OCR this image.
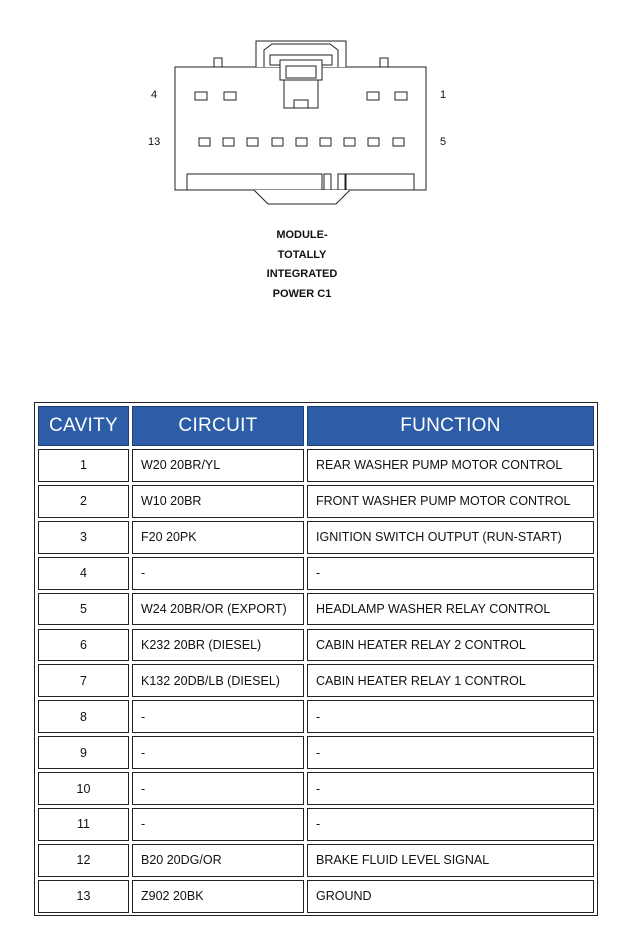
4	1
13	5
MODULE-
TOTALLY
INTEGRATED
POWER C1
CAVITY	CIRCUIT	FUNCTION
1	W20 20BR/YL	REAR WASHER PUMP MOTOR CONTROL
2	W10 20BR	FRONT WASHER PUMP MOTOR CONTROL
3	F20 20PK	IGNITION SWITCH OUTPUT (RUN-START)
4	-	-
5	W24 20BR/OR (EXPORT)	HEADLAMP WASHER RELAY CONTROL
6	K232 20BR (DIESEL)	CABIN HEATER RELAY 2 CONTROL
7	K132 20DB/LB (DIESEL)	CABIN HEATER RELAY 1 CONTROL
8	-	-
9	-	-
10	-	-
11	-	-
12	B20 20DG/OR	BRAKE FLUID LEVEL SIGNAL
13	Z902 20BK	GROUND
